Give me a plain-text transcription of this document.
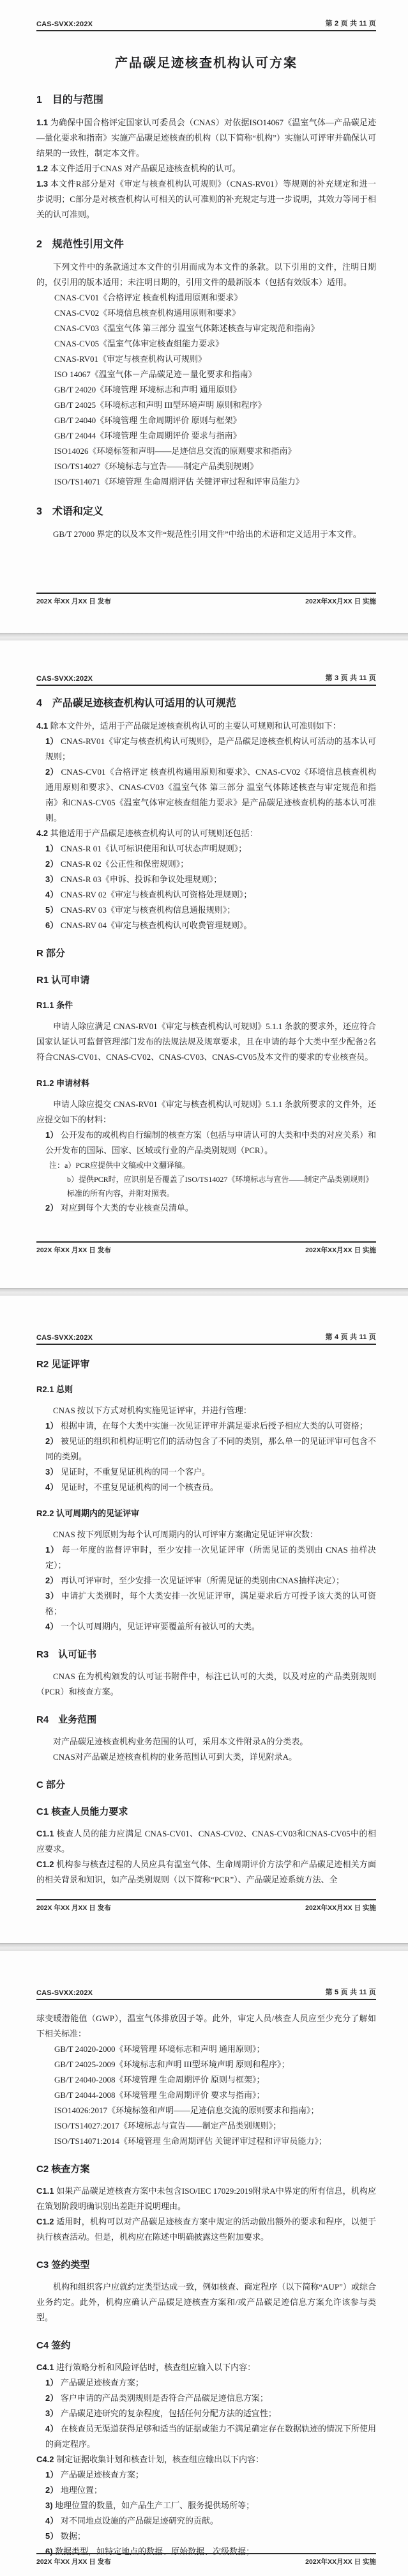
CAS-SVXX:202X	第 2 页 共 11 页
产品碳足迹核查机构认可方案
1　目的与范围
1.1 为确保中国合格评定国家认可委员会（CNAS）对依据ISO14067《温室气体—产品碳足迹—量化要求和指南》实施产品碳足迹核查的机构（以下简称“机构”）实施认可评审并确保认可结果的一致性，制定本文件。
1.2 本文件适用于CNAS 对产品碳足迹核查机构的认可。
1.3 本文件R部分是对《审定与核查机构认可规则》（CNAS-RV01）等规则的补充规定和进一步说明；C部分是对核查机构认可相关的认可准则的补充规定与进一步说明，其效力等同于相关的认可准则。
2　规范性引用文件
下列文件中的条款通过本文件的引用而成为本文件的条款。以下引用的文件，注明日期的，仅引用的版本适用；未注明日期的，引用文件的最新版本（包括有效版本）适用。
CNAS-CV01《合格评定 核查机构通用原则和要求》
CNAS-CV02《环境信息核查机构通用原则和要求》
CNAS-CV03《温室气体 第三部分 温室气体陈述核查与审定规范和指南》
CNAS-CV05《温室气体审定核查组能力要求》
CNAS-RV01《审定与核查机构认可规则》
ISO 14067《温室气体－产品碳足迹－量化要求和指南》
GB/T 24020《环境管理 环境标志和声明 通用原则》
GB/T 24025《环境标志和声明 III型环境声明 原则和程序》
GB/T 24040《环境管理 生命周期评价 原则与框架》
GB/T 24044《环境管理 生命周期评价 要求与指南》
ISO14026《环境标签和声明——足迹信息交流的原则要求和指南》
ISO/TS14027《环境标志与宣告——制定产品类别规则》
ISO/TS14071《环境管理 生命周期评估 关键评审过程和评审员能力》
3　术语和定义
GB/T 27000 界定的以及本文件“规范性引用文件”中给出的术语和定义适用于本文件。
202X 年XX 月XX 日 发布	202X年XX月XX 日 实施
CAS-SVXX:202X	第 3 页 共 11 页
4　产品碳足迹核查机构认可适用的认可规范
4.1 除本文件外，适用于产品碳足迹核查机构认可的主要认可规则和认可准则如下：
1） CNAS-RV01《审定与核查机构认可规则》，是产品碳足迹核查机构认可活动的基本认可规则；
2） CNAS-CV01《合格评定 核查机构通用原则和要求》、CNAS-CV02《环境信息核查机构通用原则和要求》、CNAS-CV03《温室气体 第三部分 温室气体陈述核查与审定规范和指南》和CNAS-CV05《温室气体审定核查组能力要求》是产品碳足迹核查机构的基本认可准则。
4.2 其他适用于产品碳足迹核查机构认可的认可规则还包括：
1） CNAS-R 01《认可标识使用和认可状态声明规则》；
2） CNAS-R 02《公正性和保密规则》；
3） CNAS-R 03《申诉、投诉和争议处理规则》；
4） CNAS-RV 02《审定与核查机构认可资格处理规则》；
5） CNAS-RV 03《审定与核查机构信息通报规则》；
6） CNAS-RV 04《审定与核查机构认可收费管理规则》。
R 部分
R1 认可申请
R1.1 条件
申请人除应满足 CNAS-RV01《审定与核查机构认可规则》5.1.1 条款的要求外，还应符合国家认证认可监督管理部门发布的法规法规及规章要求，且在申请的每个大类中至少配备2名符合CNAS-CV01、CNAS-CV02、CNAS-CV03、CNAS-CV05及本文件的要求的专业核查员。
R1.2 申请材料
申请人除应提交 CNAS-RV01《审定与核查机构认可规则》5.1.1 条款所要求的文件外，还应提交如下的材料：
1） 公开发布的或机构自行编制的核查方案（包括与申请认可的大类和中类的对应关系）和公开发布的国际、国家、区域或行业的产品类别规则（PCR）。
注：a）PCR应提供中文稿或中文翻译稿。
b）提供PCR时，应识别是否覆盖了ISO/TS14027《环境标志与宣告——制定产品类别规则》标准的所有内容，并附对照表。
2） 对应到每个大类的专业核查员清单。
202X 年XX 月XX 日 发布	202X年XX月XX 日 实施
CAS-SVXX:202X	第 4 页 共 11 页
R2 见证评审
R2.1 总则
CNAS 按以下方式对机构实施见证评审，并进行管理：
1） 根据申请，在每个大类中实施一次见证评审并满足要求后授予相应大类的认可资格；
2） 被见证的组织和机构证明它们的活动包含了不同的类别，那么单一的见证评审可包含不同的类别。
3） 见证时，不重复见证机构的同一个客户。
4） 见证时，不重复见证机构的同一个核查员。
R2.2 认可周期内的见证评审
CNAS 按下列原则为每个认可周期内的认可评审方案确定见证评审次数：
1） 每一年度的监督评审时，至少安排一次见证评审（所需见证的类别由 CNAS 抽样决定）；
2） 再认可评审时，至少安排一次见证评审（所需见证的类别由CNAS抽样决定）；
3） 申请扩大类别时，每个大类安排一次见证评审，满足要求后方可授予该大类的认可资格；
4） 一个认可周期内，见证评审要覆盖所有被认可的大类。
R3　认可证书
CNAS 在为机构颁发的认可证书附件中，标注已认可的大类，以及对应的产品类别规则（PCR）和核查方案。
R4　业务范围
对产品碳足迹核查机构业务范围的认可，采用本文件附录A的分类表。
CNAS对产品碳足迹核查机构的业务范围认可到大类，详见附录A。
C 部分
C1 核查人员能力要求
C1.1 核查人员的能力应满足 CNAS-CV01、CNAS-CV02、CNAS-CV03和CNAS-CV05中的相应要求。
C1.2 机构参与核查过程的人员应具有温室气体、生命周期评价方法学和产品碳足迹相关方面的相关背景和知识，如产品类别规则（以下简称“PCR”）、产品碳足迹系统方法、全
202X 年XX 月XX 日 发布	202X年XX月XX 日 实施
CAS-SVXX:202X	第 5 页 共 11 页
球变暖潜能值（GWP），温室气体排放因子等。此外，审定人员/核查人员应至少充分了解如下相关标准：
GB/T 24020-2000《环境管理 环境标志和声明 通用原则》；
GB/T 24025-2009《环境标志和声明 III型环境声明 原则和程序》；
GB/T 24040-2008《环境管理 生命周期评价 原则与框架》；
GB/T 24044-2008《环境管理 生命周期评价 要求与指南》；
ISO14026:2017《环境标签和声明——足迹信息交流的原则要求和指南》；
ISO/TS14027:2017《环境标志与宣告——制定产品类别规则》；
ISO/TS14071:2014《环境管理 生命周期评估 关键评审过程和评审员能力》；
C2 核查方案
C1.1 如果产品碳足迹核查方案中未包含ISO/IEC 17029:2019附录A中界定的所有信息，机构应在策划阶段明确识别出差距并说明理由。
C1.2 适用时，机构可以对产品碳足迹核查方案中规定的活动做出额外的要求和程序，以便于执行核查活动。但是，机构应在陈述中明确披露这些附加要求。
C3 签约类型
机构和组织客户应就约定类型达成一致，例如核查、商定程序（以下简称“AUP”）或综合业务约定。此外，机构应确认产品碳足迹核查方案和/或产品碳足迹信息方案允许该参与类型。
C4 签约
C4.1 进行策略分析和风险评估时，核查组应输入以下内容：
1） 产品碳足迹核查方案；
2） 客户申请的产品类别规则是否符合产品碳足迹信息方案；
3） 产品碳足迹研究的复杂程度，包括任何分配方法的适宜性；
4） 在核查员无渠道获得足够和适当的证据或能力不满足确定存在数据轨迹的情况下所使用的商定程序。
C4.2 制定证据收集计划和核查计划，核查组应输出以下内容：
1） 产品碳足迹核查方案；
2） 地理位置；
3) 地理位置的数量，如产品生产工厂、服务提供场所等；
4） 对不同地点设施的产品碳足迹研究的贡献。
5） 数据；
6) 数据类型，如特定地点的数据、原始数据、次级数据；
202X 年XX 月XX 日 发布	202X年XX月XX 日 实施
